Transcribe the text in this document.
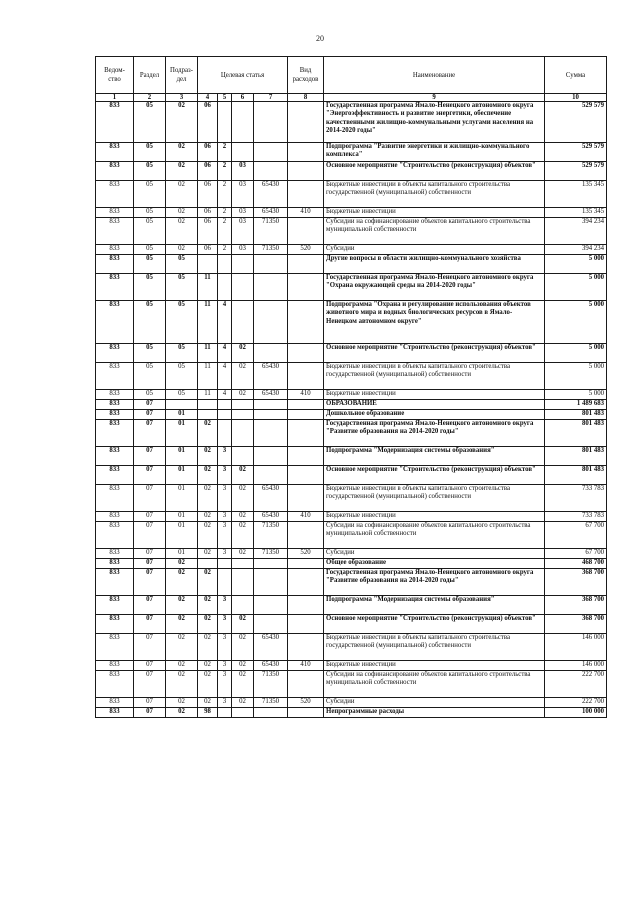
20
Ведом-ство	Раздел	Подраз-дел	Целевая статья				Вид расходов	Наименование	Сумма
1	2	3	4	5	6	7	8	9	10
833	05	02	06					Государственная программа Ямало-Ненецкого автономного округа "Энергоэффективность и развитие энергетики, обеспечение качественными жилищно-коммунальными услугами населения на 2014-2020 годы"	529 579
833	05	02	06	2				Подпрограмма "Развитие энергетики и жилищно-коммунального комплекса"	529 579
833	05	02	06	2	03			Основное мероприятие "Строительство (реконструкция) объектов"	529 579
833	05	02	06	2	03	65430		Бюджетные инвестиции в объекты капитального строительства государственной (муниципальной) собственности	135 345
833	05	02	06	2	03	65430	410	Бюджетные инвестиции	135 345
833	05	02	06	2	03	71350		Субсидии на софинансирование объектов капитального строительства муниципальной собственности	394 234
833	05	02	06	2	03	71350	520	Субсидии	394 234
833	05	05						Другие вопросы в области жилищно-коммунального хозяйства	5 000
833	05	05	11					Государственная программа Ямало-Ненецкого автономного округа "Охрана окружающей среды на 2014-2020 годы"	5 000
833	05	05	11	4				Подпрограмма "Охрана и регулирование использования объектов животного мира и водных биологических ресурсов в Ямало-Ненецком автономном округе"	5 000
833	05	05	11	4	02			Основное мероприятие "Строительство (реконструкция) объектов"	5 000
833	05	05	11	4	02	65430		Бюджетные инвестиции в объекты капитального строительства государственной (муниципальной) собственности	5 000
833	05	05	11	4	02	65430	410	Бюджетные инвестиции	5 000
833	07							ОБРАЗОВАНИЕ	1 489 683
833	07	01						Дошкольное образование	801 483
833	07	01	02					Государственная программа Ямало-Ненецкого автономного округа "Развитие образования на 2014-2020 годы"	801 483
833	07	01	02	3				Подпрограмма "Модернизация системы образования"	801 483
833	07	01	02	3	02			Основное мероприятие "Строительство (реконструкция) объектов"	801 483
833	07	01	02	3	02	65430		Бюджетные инвестиции в объекты капитального строительства государственной (муниципальной) собственности	733 783
833	07	01	02	3	02	65430	410	Бюджетные инвестиции	733 783
833	07	01	02	3	02	71350		Субсидии на софинансирование объектов капитального строительства муниципальной собственности	67 700
833	07	01	02	3	02	71350	520	Субсидии	67 700
833	07	02						Общее образование	468 700
833	07	02	02					Государственная программа Ямало-Ненецкого автономного округа "Развитие образования на 2014-2020 годы"	368 700
833	07	02	02	3				Подпрограмма "Модернизация системы образования"	368 700
833	07	02	02	3	02			Основное мероприятие "Строительство (реконструкция) объектов"	368 700
833	07	02	02	3	02	65430		Бюджетные инвестиции в объекты капитального строительства государственной (муниципальной) собственности	146 000
833	07	02	02	3	02	65430	410	Бюджетные инвестиции	146 000
833	07	02	02	3	02	71350		Субсидии на софинансирование объектов капитального строительства муниципальной собственности	222 700
833	07	02	02	3	02	71350	520	Субсидии	222 700
833	07	02	98					Непрограммные расходы	100 000
